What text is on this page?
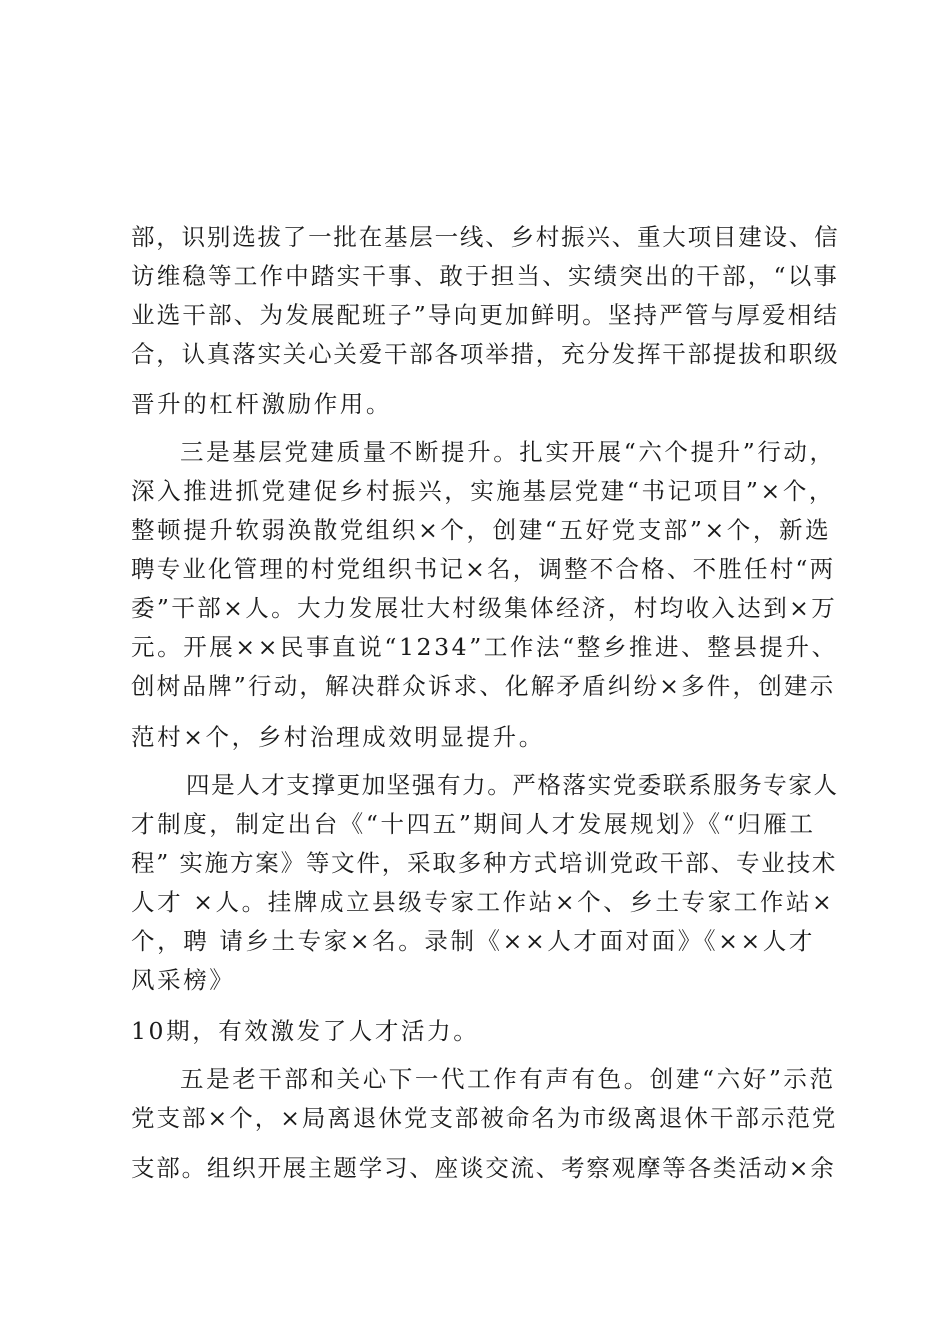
部，识别选拔了一批在基层一线、乡村振兴、重大项目建设、信
访维稳等工作中踏实干事、敢于担当、实绩突出的干部，“以事
业选干部、为发展配班子”导向更加鲜明。坚持严管与厚爱相结
合，认真落实关心关爱干部各项举措，充分发挥干部提拔和职级
晋升的杠杆激励作用。
三是基层党建质量不断提升。扎实开展“六个提升”行动，
深入推进抓党建促乡村振兴，实施基层党建“书记项目”×个，
整顿提升软弱涣散党组织×个，创建“五好党支部”×个，新选
聘专业化管理的村党组织书记×名，调整不合格、不胜任村“两
委”干部×人。大力发展壮大村级集体经济，村均收入达到×万
元。开展××民事直说“1234”工作法“整乡推进、整县提升、
创树品牌”行动，解决群众诉求、化解矛盾纠纷×多件，创建示
范村×个，乡村治理成效明显提升。
四是人才支撑更加坚强有力。严格落实党委联系服务专家人
才制度，制定出台《“十四五”期间人才发展规划》《“归雁工
程” 实施方案》等文件，采取多种方式培训党政干部、专业技术
人才 ×人。挂牌成立县级专家工作站×个、乡土专家工作站×
个，聘 请乡土专家×名。录制《××人才面对面》《××人才
风采榜》
10期，有效激发了人才活力。
五是老干部和关心下一代工作有声有色。创建“六好”示范
党支部×个，×局离退休党支部被命名为市级离退休干部示范党
支部。组织开展主题学习、座谈交流、考察观摩等各类活动×余
